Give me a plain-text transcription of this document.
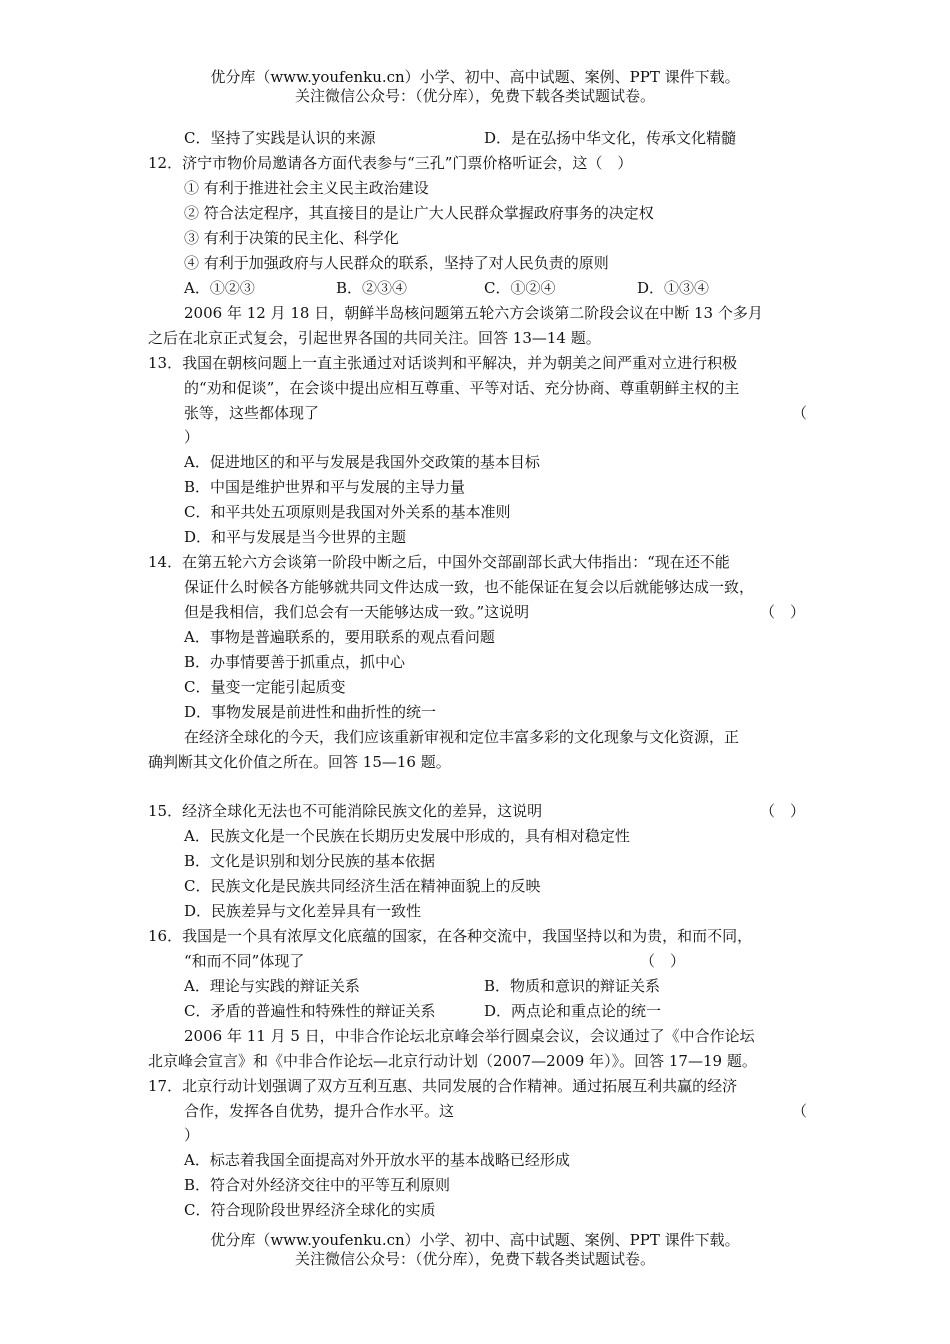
优分库（www.youfenku.cn）小学、初中、高中试题、案例、PPT 课件下载。
关注微信公众号：（优分库），免费下载各类试题试卷。
C．坚持了实践是认识的来源	D．是在弘扬中华文化，传承文化精髓
12．济宁市物价局邀请各方面代表参与“三孔”门票价格听证会，这（　）
① 有利于推进社会主义民主政治建设
② 符合法定程序，其直接目的是让广大人民群众掌握政府事务的决定权
③ 有利于决策的民主化、科学化
④ 有利于加强政府与人民群众的联系，坚持了对人民负责的原则
A．①②③	B．②③④	C．①②④	D．①③④
2006 年 12 月 18 日，朝鲜半岛核问题第五轮六方会谈第二阶段会议在中断 13 个多月
之后在北京正式复会，引起世界各国的共同关注。回答 13—14 题。
13．我国在朝核问题上一直主张通过对话谈判和平解决，并为朝美之间严重对立进行积极
的“劝和促谈”，在会谈中提出应相互尊重、平等对话、充分协商、尊重朝鲜主权的主
张等，这些都体现了	（
）
A．促进地区的和平与发展是我国外交政策的基本目标
B．中国是维护世界和平与发展的主导力量
C．和平共处五项原则是我国对外关系的基本准则
D．和平与发展是当今世界的主题
14．在第五轮六方会谈第一阶段中断之后，中国外交部副部长武大伟指出：“现在还不能
保证什么时候各方能够就共同文件达成一致，也不能保证在复会以后就能够达成一致，
但是我相信，我们总会有一天能够达成一致。”这说明	（　）
A．事物是普遍联系的，要用联系的观点看问题
B．办事情要善于抓重点，抓中心
C．量变一定能引起质变
D．事物发展是前进性和曲折性的统一
在经济全球化的今天，我们应该重新审视和定位丰富多彩的文化现象与文化资源，正
确判断其文化价值之所在。回答 15—16 题。
15．经济全球化无法也不可能消除民族文化的差异，这说明	（　）
A．民族文化是一个民族在长期历史发展中形成的，具有相对稳定性
B．文化是识别和划分民族的基本依据
C．民族文化是民族共同经济生活在精神面貌上的反映
D．民族差异与文化差异具有一致性
16．我国是一个具有浓厚文化底蕴的国家，在各种交流中，我国坚持以和为贵，和而不同，
“和而不同”体现了	（　）
A．理论与实践的辩证关系	B．物质和意识的辩证关系
C．矛盾的普遍性和特殊性的辩证关系	D．两点论和重点论的统一
2006 年 11 月 5 日，中非合作论坛北京峰会举行圆桌会议，会议通过了《中合作论坛
北京峰会宣言》和《中非合作论坛—北京行动计划（2007—2009 年）》。回答 17—19 题。
17．北京行动计划强调了双方互利互惠、共同发展的合作精神。通过拓展互利共赢的经济
合作，发挥各自优势，提升合作水平。这	（
）
A．标志着我国全面提高对外开放水平的基本战略已经形成
B．符合对外经济交往中的平等互利原则
C．符合现阶段世界经济全球化的实质
优分库（www.youfenku.cn）小学、初中、高中试题、案例、PPT 课件下载。
关注微信公众号：（优分库），免费下载各类试题试卷。
